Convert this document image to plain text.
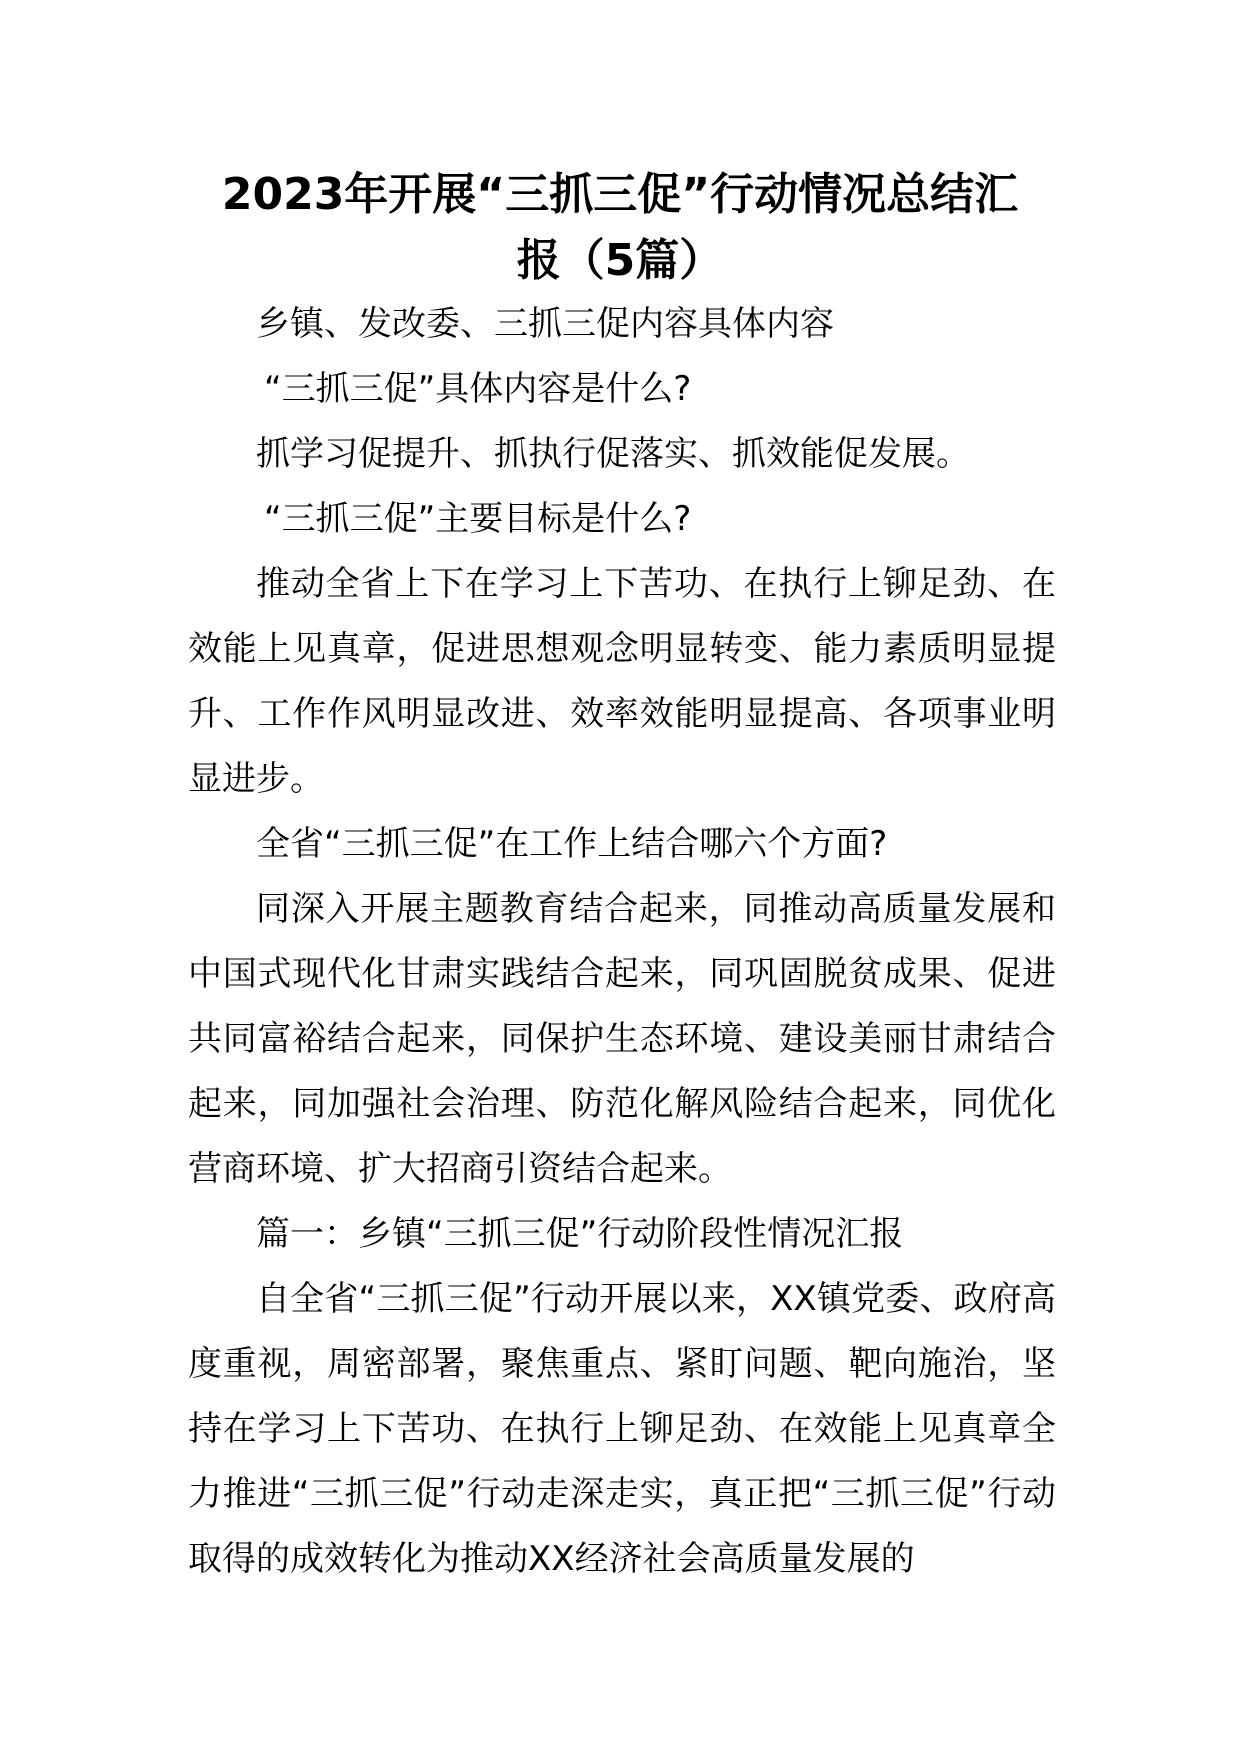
2023年开展“三抓三促”行动情况总结汇
报（5篇）

乡镇、发改委、三抓三促内容具体内容

“三抓三促”具体内容是什么?

抓学习促提升、抓执行促落实、抓效能促发展。

“三抓三促”主要目标是什么?

推动全省上下在学习上下苦功、在执行上铆足劲、在效能上见真章，促进思想观念明显转变、能力素质明显提升、工作作风明显改进、效率效能明显提高、各项事业明显进步。

全省“三抓三促”在工作上结合哪六个方面?

同深入开展主题教育结合起来，同推动高质量发展和中国式现代化甘肃实践结合起来，同巩固脱贫成果、促进共同富裕结合起来，同保护生态环境、建设美丽甘肃结合起来，同加强社会治理、防范化解风险结合起来，同优化营商环境、扩大招商引资结合起来。

篇一：乡镇“三抓三促”行动阶段性情况汇报

自全省“三抓三促”行动开展以来，XX镇党委、政府高度重视，周密部署，聚焦重点、紧盯问题、靶向施治，坚持在学习上下苦功、在执行上铆足劲、在效能上见真章全力推进“三抓三促”行动走深走实，真正把“三抓三促”行动取得的成效转化为推动XX经济社会高质量发展的
